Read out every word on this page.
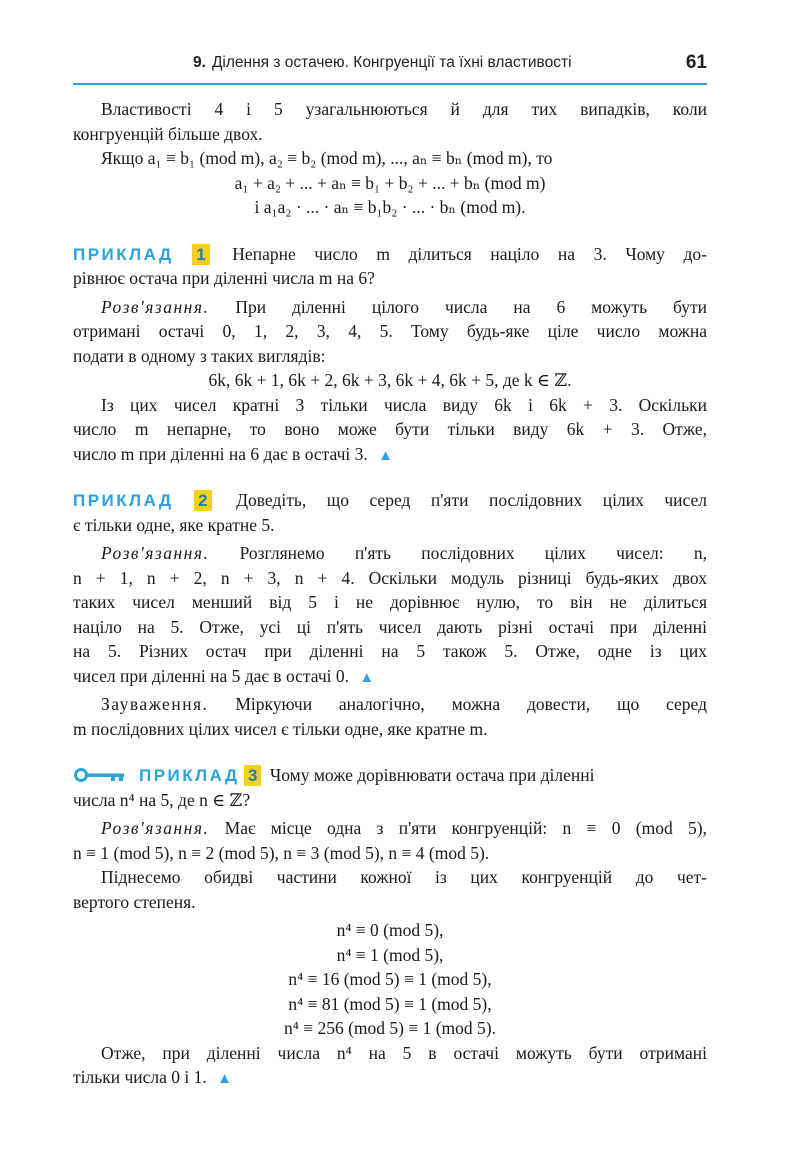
9. Ділення з остачею. Конгруенції та їхні властивості	61
Властивості 4 і 5 узагальнюються й для тих випадків, коли
конгруенцій більше двох.
Якщо a₁ ≡ b₁ (mod m), a₂ ≡ b₂ (mod m), ..., aₙ ≡ bₙ (mod m), то
a₁ + a₂ + ... + aₙ ≡ b₁ + b₂ + ... + bₙ (mod m)
і a₁a₂ · ... · aₙ ≡ b₁b₂ · ... · bₙ (mod m).
ПРИКЛАД 1 Непарне число m ділиться націло на 3. Чому до-
рівнює остача при діленні числа m на 6?
Розв'язання. При діленні цілого числа на 6 можуть бути
отримані остачі 0, 1, 2, 3, 4, 5. Тому будь-яке ціле число можна
подати в одному з таких виглядів:
6k, 6k + 1, 6k + 2, 6k + 3, 6k + 4, 6k + 5, де k ∈ ℤ.
Із цих чисел кратні 3 тільки числа виду 6k і 6k + 3. Оскільки
число m непарне, то воно може бути тільки виду 6k + 3. Отже,
число m при діленні на 6 дає в остачі 3. ▲
ПРИКЛАД 2 Доведіть, що серед п'яти послідовних цілих чисел
є тільки одне, яке кратне 5.
Розв'язання. Розглянемо п'ять послідовних цілих чисел: n,
n + 1, n + 2, n + 3, n + 4. Оскільки модуль різниці будь-яких двох
таких чисел менший від 5 і не дорівнює нулю, то він не ділиться
націло на 5. Отже, усі ці п'ять чисел дають різні остачі при діленні
на 5. Різних остач при діленні на 5 також 5. Отже, одне із цих
чисел при діленні на 5 дає в остачі 0. ▲
Зауваження. Міркуючи аналогічно, можна довести, що серед
m послідовних цілих чисел є тільки одне, яке кратне m.
ПРИКЛАД 3 Чому може дорівнювати остача при діленні
числа n⁴ на 5, де n ∈ ℤ?
Розв'язання. Має місце одна з п'яти конгруенцій: n ≡ 0 (mod 5),
n ≡ 1 (mod 5), n ≡ 2 (mod 5), n ≡ 3 (mod 5), n ≡ 4 (mod 5).
Піднесемо обидві частини кожної із цих конгруенцій до чет-
вертого степеня.
n⁴ ≡ 0 (mod 5),
n⁴ ≡ 1 (mod 5),
n⁴ ≡ 16 (mod 5) ≡ 1 (mod 5),
n⁴ ≡ 81 (mod 5) ≡ 1 (mod 5),
n⁴ ≡ 256 (mod 5) ≡ 1 (mod 5).
Отже, при діленні числа n⁴ на 5 в остачі можуть бути отримані
тільки числа 0 і 1. ▲
